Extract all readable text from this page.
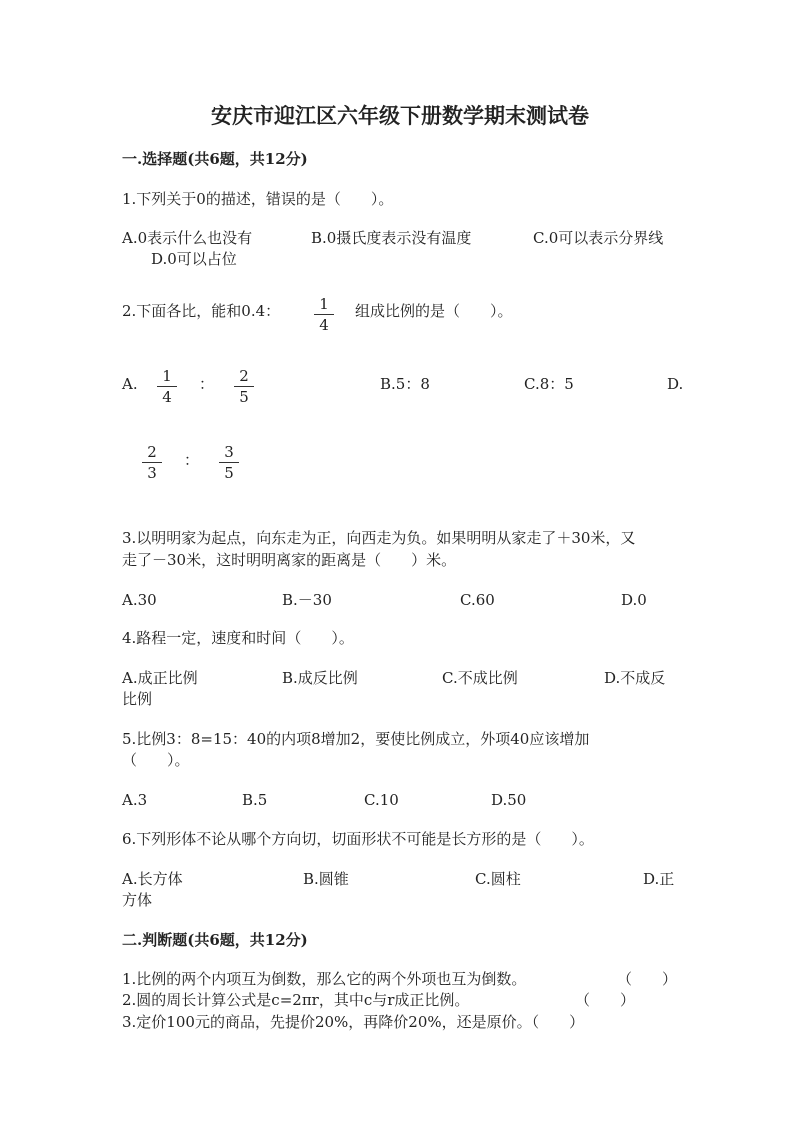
安庆市迎江区六年级下册数学期末测试卷
一.选择题(共6题，共12分)
1.下列关于0的描述，错误的是（　　）。
A.0表示什么也没有	B.0摄氏度表示没有温度	C.0可以表示分界线
D.0可以占位
2.下面各比，能和0.4： $\frac{1}{4}$ 组成比例的是（　　）。
A. $\frac{1}{4}$ ： $\frac{2}{5}$	B.5：8	C.8：5	D.
$\frac{2}{3}$ ： $\frac{3}{5}$
3.以明明家为起点，向东走为正，向西走为负。如果明明从家走了＋30米，又
走了－30米，这时明明离家的距离是（　　）米。
A.30	B.－30	C.60	D.0
4.路程一定，速度和时间（　　）。
A.成正比例	B.成反比例	C.不成比例	D.不成反
比例
5.比例3：8=15：40的内项8增加2，要使比例成立，外项40应该增加
（　　）。
A.3	B.5	C.10	D.50
6.下列形体不论从哪个方向切，切面形状不可能是长方形的是（　　）。
A.长方体	B.圆锥	C.圆柱	D.正
方体
二.判断题(共6题，共12分)
1.比例的两个内项互为倒数，那么它的两个外项也互为倒数。	（　　）
2.圆的周长计算公式是c=2πr，其中c与r成正比例。	（　　）
3.定价100元的商品，先提价20%，再降价20%，还是原价。（　　）
